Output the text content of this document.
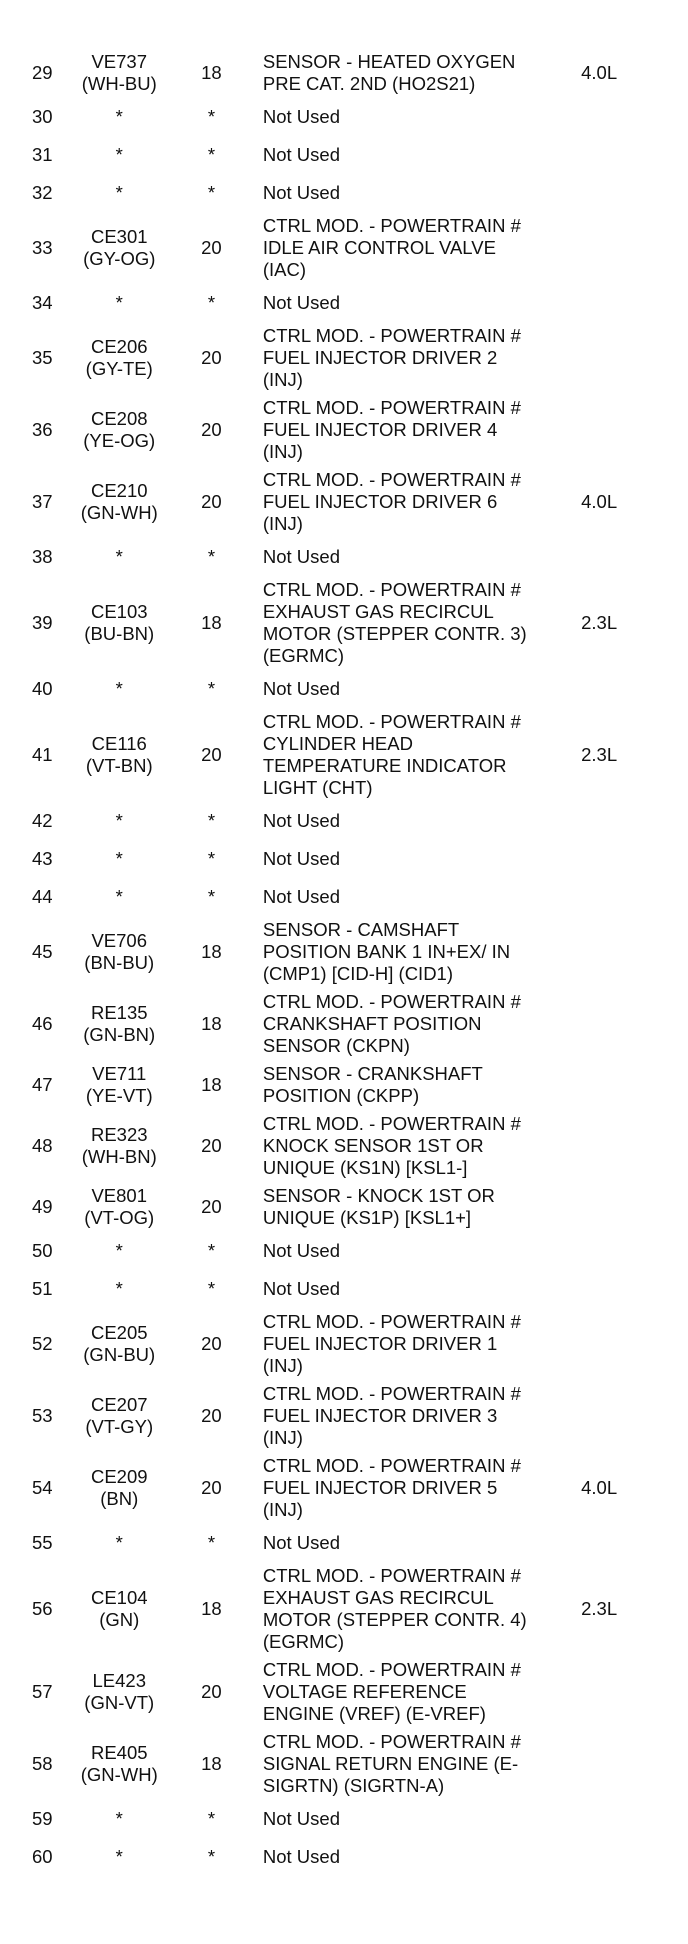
29	VE737
(WH-BU)	18	SENSOR - HEATED OXYGEN
PRE CAT. 2ND (HO2S21)	4.0L
30	*	*	Not Used	

31	*	*	Not Used	

32	*	*	Not Used	

33	CE301
(GY-OG)	20	CTRL MOD. - POWERTRAIN #
IDLE AIR CONTROL VALVE
(IAC)	

34	*	*	Not Used	

35	CE206
(GY-TE)	20	CTRL MOD. - POWERTRAIN #
FUEL INJECTOR DRIVER 2
(INJ)	

36	CE208
(YE-OG)	20	CTRL MOD. - POWERTRAIN #
FUEL INJECTOR DRIVER 4
(INJ)	

37	CE210
(GN-WH)	20	CTRL MOD. - POWERTRAIN #
FUEL INJECTOR DRIVER 6
(INJ)	4.0L
38	*	*	Not Used	

39	CE103
(BU-BN)	18	CTRL MOD. - POWERTRAIN #
EXHAUST GAS RECIRCUL
MOTOR (STEPPER CONTR. 3)
(EGRMC)	2.3L
40	*	*	Not Used	

41	CE116
(VT-BN)	20	CTRL MOD. - POWERTRAIN #
CYLINDER HEAD
TEMPERATURE INDICATOR
LIGHT (CHT)	2.3L
42	*	*	Not Used	

43	*	*	Not Used	

44	*	*	Not Used	

45	VE706
(BN-BU)	18	SENSOR - CAMSHAFT
POSITION BANK 1 IN+EX/ IN
(CMP1) [CID-H] (CID1)	

46	RE135
(GN-BN)	18	CTRL MOD. - POWERTRAIN #
CRANKSHAFT POSITION
SENSOR (CKPN)	

47	VE711
(YE-VT)	18	SENSOR - CRANKSHAFT
POSITION (CKPP)	

48	RE323
(WH-BN)	20	CTRL MOD. - POWERTRAIN #
KNOCK SENSOR 1ST OR
UNIQUE (KS1N) [KSL1-]	

49	VE801
(VT-OG)	20	SENSOR - KNOCK 1ST OR
UNIQUE (KS1P) [KSL1+]	

50	*	*	Not Used	

51	*	*	Not Used	

52	CE205
(GN-BU)	20	CTRL MOD. - POWERTRAIN #
FUEL INJECTOR DRIVER 1
(INJ)	

53	CE207
(VT-GY)	20	CTRL MOD. - POWERTRAIN #
FUEL INJECTOR DRIVER 3
(INJ)	

54	CE209
(BN)	20	CTRL MOD. - POWERTRAIN #
FUEL INJECTOR DRIVER 5
(INJ)	4.0L
55	*	*	Not Used	

56	CE104
(GN)	18	CTRL MOD. - POWERTRAIN #
EXHAUST GAS RECIRCUL
MOTOR (STEPPER CONTR. 4)
(EGRMC)	2.3L
57	LE423
(GN-VT)	20	CTRL MOD. - POWERTRAIN #
VOLTAGE REFERENCE
ENGINE (VREF) (E-VREF)	

58	RE405
(GN-WH)	18	CTRL MOD. - POWERTRAIN #
SIGNAL RETURN ENGINE (E-
SIGRTN) (SIGRTN-A)	

59	*	*	Not Used	

60	*	*	Not Used	
